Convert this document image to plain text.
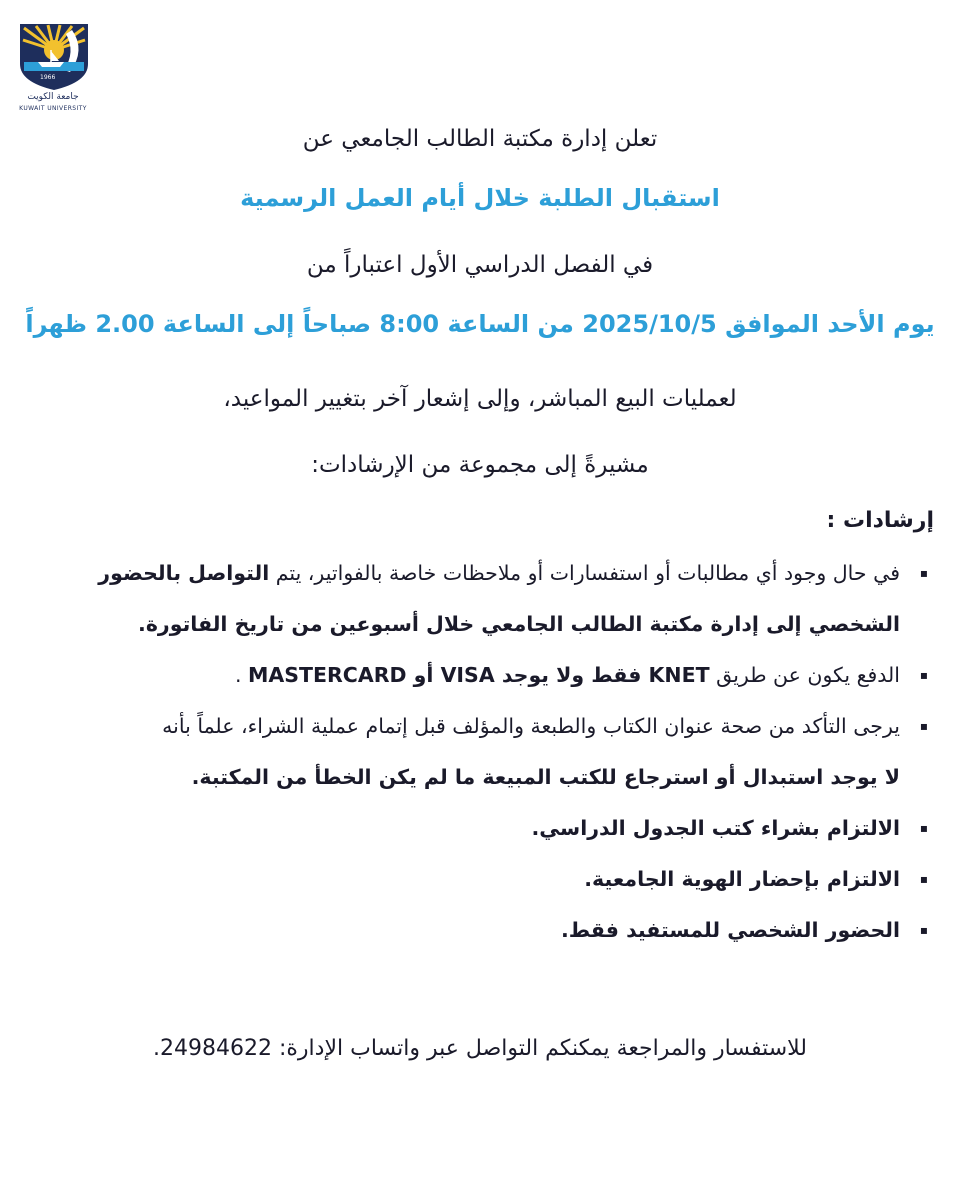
1966
جامعة الكويت
KUWAIT UNIVERSITY
تعلن إدارة مكتبة الطالب الجامعي عن
استقبال الطلبة خلال أيام العمل الرسمية
في الفصل الدراسي الأول اعتباراً من
يوم الأحد الموافق 2025/10/5 من الساعة 8:00 صباحاً إلى الساعة 2.00 ظهراً
لعمليات البيع المباشر، وإلى إشعار آخر بتغيير المواعيد،
مشيرةً إلى مجموعة من الإرشادات:
إرشادات :
▪
في حال وجود أي مطالبات أو استفسارات أو ملاحظات خاصة بالفواتير، يتم التواصل بالحضور
الشخصي إلى إدارة مكتبة الطالب الجامعي خلال أسبوعين من تاريخ الفاتورة.
▪
الدفع يكون عن طريق KNET فقط ولا يوجد VISA أو MASTERCARD .
▪
يرجى التأكد من صحة عنوان الكتاب والطبعة والمؤلف قبل إتمام عملية الشراء، علماً بأنه
لا يوجد استبدال أو استرجاع للكتب المبيعة ما لم يكن الخطأ من المكتبة.
▪
الالتزام بشراء كتب الجدول الدراسي.
▪
الالتزام بإحضار الهوية الجامعية.
▪
الحضور الشخصي للمستفيد فقط.
للاستفسار والمراجعة يمكنكم التواصل عبر واتساب الإدارة: 24984622.
